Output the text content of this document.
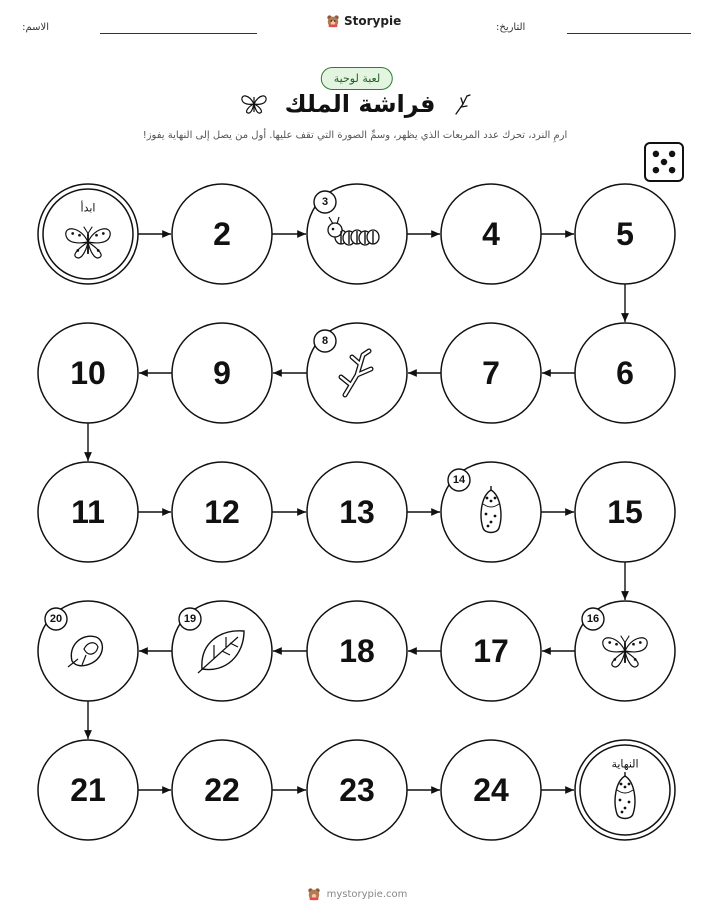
الاسم:	Storypie	التاريخ:
لعبة لوحية
فراشة الملك
ارمِ النرد، تحرك عدد المربعات الذي يظهر، وسمِّ الصورة التي تقف عليها. أول من يصل إلى النهاية يفوز!
ابدأ
2
3
4	5
6
7
8
9
10
11	12	13
14
15
16
17
18
19
20
21	22	23	24
النهاية
mystorypie.com
